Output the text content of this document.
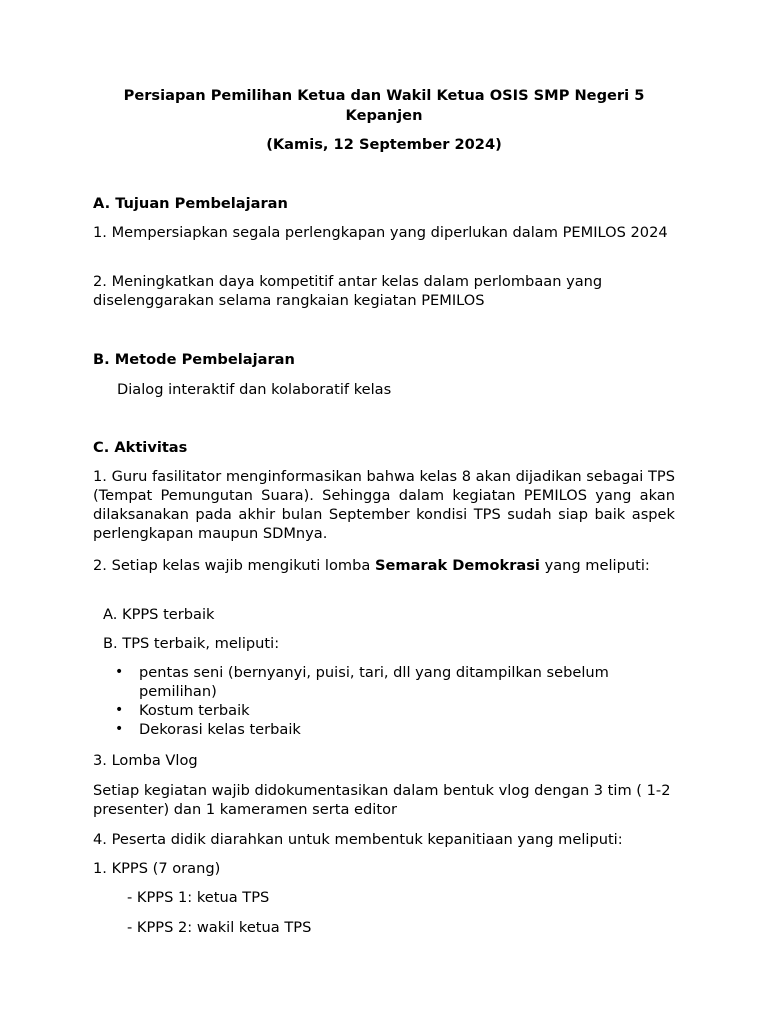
Persiapan Pemilihan Ketua dan Wakil Ketua OSIS SMP Negeri 5 Kepanjen
(Kamis, 12 September 2024)

A. Tujuan Pembelajaran

1. Mempersiapkan segala perlengkapan yang diperlukan dalam PEMILOS 2024

2. Meningkatkan daya kompetitif antar kelas dalam perlombaan yang diselenggarakan selama rangkaian kegiatan PEMILOS

B. Metode Pembelajaran

Dialog interaktif dan kolaboratif kelas

C. Aktivitas

1. Guru fasilitator menginformasikan bahwa kelas 8 akan dijadikan sebagai TPS (Tempat Pemungutan Suara). Sehingga dalam kegiatan PEMILOS yang akan dilaksanakan pada akhir bulan September kondisi TPS sudah siap baik aspek perlengkapan maupun SDMnya.

2. Setiap kelas wajib mengikuti lomba Semarak Demokrasi yang meliputi:

A. KPPS terbaik

B. TPS terbaik, meliputi:

• pentas seni (bernyanyi, puisi, tari, dll yang ditampilkan sebelum pemilihan)
• Kostum terbaik
• Dekorasi kelas terbaik

3. Lomba Vlog

Setiap kegiatan wajib didokumentasikan dalam bentuk vlog dengan 3 tim ( 1-2 presenter) dan 1 kameramen serta editor

4. Peserta didik diarahkan untuk membentuk kepanitiaan yang meliputi:

1. KPPS (7 orang)

- KPPS 1: ketua TPS

- KPPS 2: wakil ketua TPS
